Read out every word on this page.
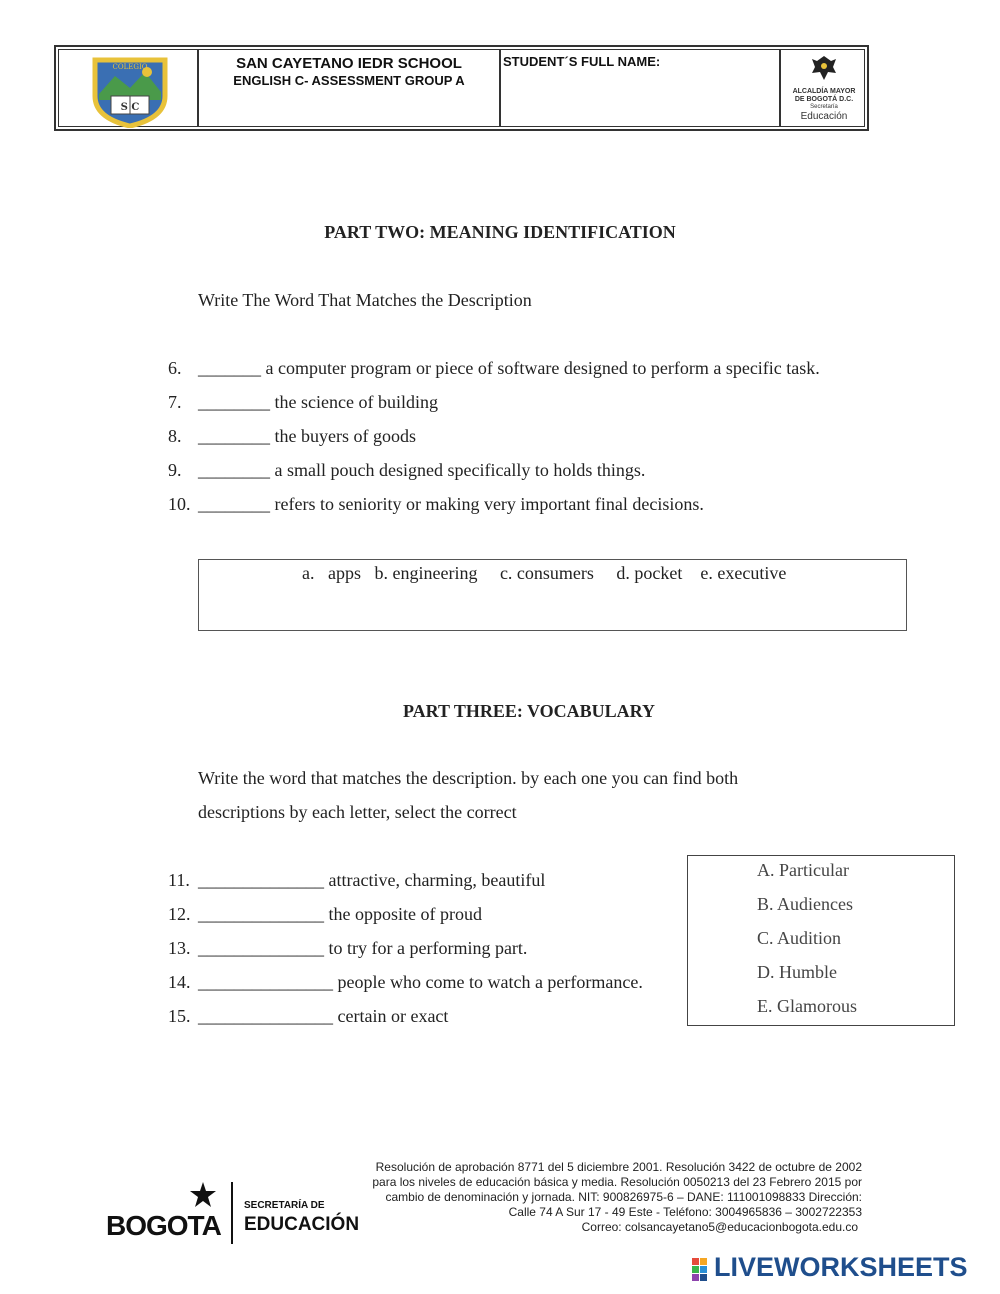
COLEGIO
S C
SAN CAYETANO IEDR SCHOOL
ENGLISH C- ASSESSMENT GROUP A
STUDENT´S FULL NAME:
ALCALDÍA MAYOR
DE BOGOTÁ D.C.
Secretaría
Educación
PART TWO: MEANING IDENTIFICATION
Write The Word That Matches the Description
6. _______ a computer program or piece of software designed to perform a specific task.
7. ________ the science of building
8. ________ the buyers of goods
9. ________ a small pouch designed specifically to holds things.
10. ________ refers to seniority or making very important final decisions.
a.   apps   b. engineering     c. consumers     d. pocket    e. executive
PART THREE: VOCABULARY
Write the word that matches the description. by each one you can find both
descriptions by each letter, select the correct
11. ______________ attractive, charming, beautiful
12. ______________ the opposite of proud
13. ______________ to try for a performing part.
14. _______________ people who come to watch a performance.
15. _______________ certain or exact
A. Particular
B. Audiences
C. Audition
D. Humble
E. Glamorous
Resolución de aprobación 8771 del 5 diciembre 2001. Resolución 3422 de octubre de 2002
para los niveles de educación básica y media. Resolución 0050213 del 23 Febrero 2015 por
cambio de denominación y jornada. NIT: 900826975-6 – DANE: 111001098833 Dirección:
Calle 74 A Sur 17 - 49 Este - Teléfono: 3004965836 – 3002722353
Correo: colsancayetano5@educacionbogota.edu.co
BOGOTA
SECRETARÍA DE
EDUCACIÓN
LIVEWORKSHEETS
